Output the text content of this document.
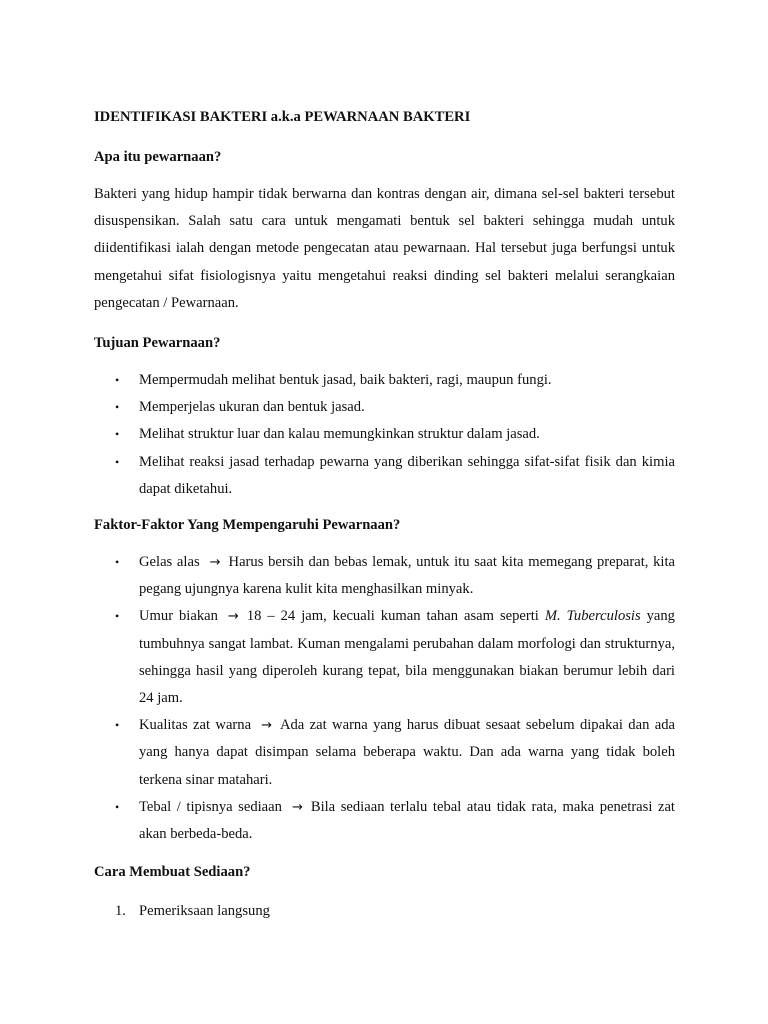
IDENTIFIKASI BAKTERI a.k.a PEWARNAAN BAKTERI

Apa itu pewarnaan?

Bakteri yang hidup hampir tidak berwarna dan kontras dengan air, dimana sel-sel bakteri tersebut disuspensikan. Salah satu cara untuk mengamati bentuk sel bakteri sehingga mudah untuk diidentifikasi ialah dengan metode pengecatan atau pewarnaan. Hal tersebut juga berfungsi untuk mengetahui sifat fisiologisnya yaitu mengetahui reaksi dinding sel bakteri melalui serangkaian pengecatan / Pewarnaan.

Tujuan Pewarnaan?

• Mempermudah melihat bentuk jasad, baik bakteri, ragi, maupun fungi.
• Memperjelas ukuran dan bentuk jasad.
• Melihat struktur luar dan kalau memungkinkan struktur dalam jasad.
• Melihat reaksi jasad terhadap pewarna yang diberikan sehingga sifat-sifat fisik dan kimia dapat diketahui.

Faktor-Faktor Yang Mempengaruhi Pewarnaan?

• Gelas alas → Harus bersih dan bebas lemak, untuk itu saat kita memegang preparat, kita pegang ujungnya karena kulit kita menghasilkan minyak.
• Umur biakan → 18 – 24 jam, kecuali kuman tahan asam seperti M. Tuberculosis yang tumbuhnya sangat lambat. Kuman mengalami perubahan dalam morfologi dan strukturnya, sehingga hasil yang diperoleh kurang tepat, bila menggunakan biakan berumur lebih dari 24 jam.
• Kualitas zat warna → Ada zat warna yang harus dibuat sesaat sebelum dipakai dan ada yang hanya dapat disimpan selama beberapa waktu. Dan ada warna yang tidak boleh terkena sinar matahari.
• Tebal / tipisnya sediaan → Bila sediaan terlalu tebal atau tidak rata, maka penetrasi zat akan berbeda-beda.

Cara Membuat Sediaan?

1. Pemeriksaan langsung
